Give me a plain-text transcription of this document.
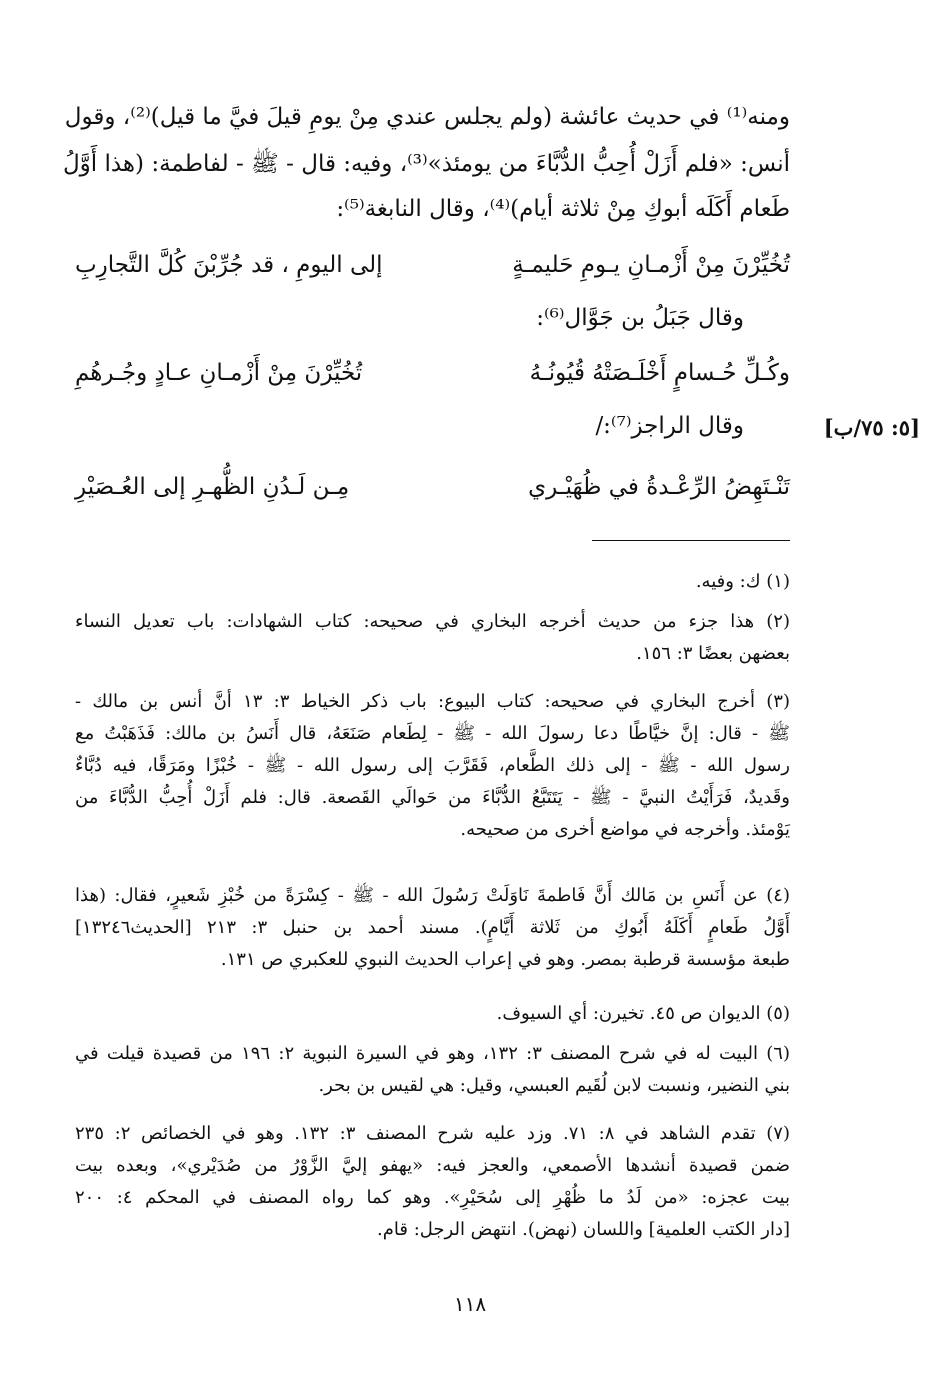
ومنه⁽¹⁾ في حديث عائشة (ولم يجلس عندي مِنْ يومِ قيلَ فيَّ ما قيل)⁽²⁾، وقول
أنس: «فلم أَزَلْ أُحِبُّ الدُّبَّاءَ من يومئذ»⁽³⁾، وفيه: قال - ﷺ - لفاطمة: (هذا أَوَّلُ
طَعام أَكَلَه أبوكِ مِنْ ثلاثة أيام)⁽⁴⁾، وقال النابغة⁽⁵⁾:
تُخُيِّرْنَ مِنْ أَزْمـانِ يـومِ حَليمـةٍ
إلى اليومِ ، قد جُرِّبْنَ كُلَّ التَّجارِبِ
وقال جَبَلُ بن جَوَّال⁽⁶⁾:
وكُـلِّ حُـسامٍ أَخْلَـصَتْهُ قُيُونُـهُ
تُخُيِّرْنَ مِنْ أَزْمـانِ عـادٍ وجُـرهُمِ
وقال الراجز⁽⁷⁾:/
تَنْـتَهِضُ الرِّعْـدةُ في ظُهَيْـري
مِـن لَـدُنِ الظُّهـرِ إلى العُـصَيْرِ
[٥: ٧٥/ب]
(١) ك: وفيه.
(٢) هذا جزء من حديث أخرجه البخاري في صحيحه: كتاب الشهادات: باب تعديل النساء
بعضهن بعضًا ٣: ١٥٦.
(٣) أخرج البخاري في صحيحه: كتاب البيوع: باب ذكر الخياط ٣: ١٣ أنَّ أنس بن مالك -
ﷺ - قال: إنَّ خيَّاطًا دعا رسولَ الله - ﷺ - لِطَعام صَنَعَهُ، قال أَنَسُ بن مالك: فَذَهَبْتُ مع
رسول الله - ﷺ - إلى ذلك الطَّعام، فَقَرَّبَ إلى رسول الله - ﷺ - خُبْزًا ومَرَقًا، فيه دُبَّاءٌ
وقَديدٌ، فَرَأَيْتُ النبيَّ - ﷺ - يَتَتَبَّعُ الدُّبَّاءَ من حَوالَي القَصعة. قال: فلم أَزَلْ أُحِبُّ الدُّبَّاءَ من
يَوْمئذ. وأخرجه في مواضع أخرى من صحيحه.
(٤) عن أَنَسِ بن مَالك أَنَّ فَاطمةَ نَاوَلَتْ رَسُولَ الله - ﷺ - كِسْرَةً من خُبْزِ شَعيرٍ، فقال: (هذا
أَوَّلُ طَعامٍ أَكَلَهُ أَبُوكِ من ثَلاثة أَيَّامٍ). مسند أحمد بن حنبل ٣: ٢١٣ [الحديث١٣٢٤٦]
طبعة مؤسسة قرطبة بمصر. وهو في إعراب الحديث النبوي للعكبري ص ١٣١.
(٥) الديوان ص ٤٥. تخيرن: أي السيوف.
(٦) البيت له في شرح المصنف ٣: ١٣٢، وهو في السيرة النبوية ٢: ١٩٦ من قصيدة قيلت في
بني النضير، ونسبت لابن لُقَيم العبسي، وقيل: هي لقيس بن بحر.
(٧) تقدم الشاهد في ٨: ٧١. وزد عليه شرح المصنف ٣: ١٣٢. وهو في الخصائص ٢: ٢٣٥
ضمن قصيدة أنشدها الأصمعي، والعجز فيه: «يهفو إليَّ الزَّوْرُ من صُدَيْري»، وبعده بيت
بيت عجزه: «من لَدُ ما ظُهْرِ إلى سُحَيْرِ». وهو كما رواه المصنف في المحكم ٤: ٢٠٠
[دار الكتب العلمية] واللسان (نهض). انتهض الرجل: قام.
١١٨
